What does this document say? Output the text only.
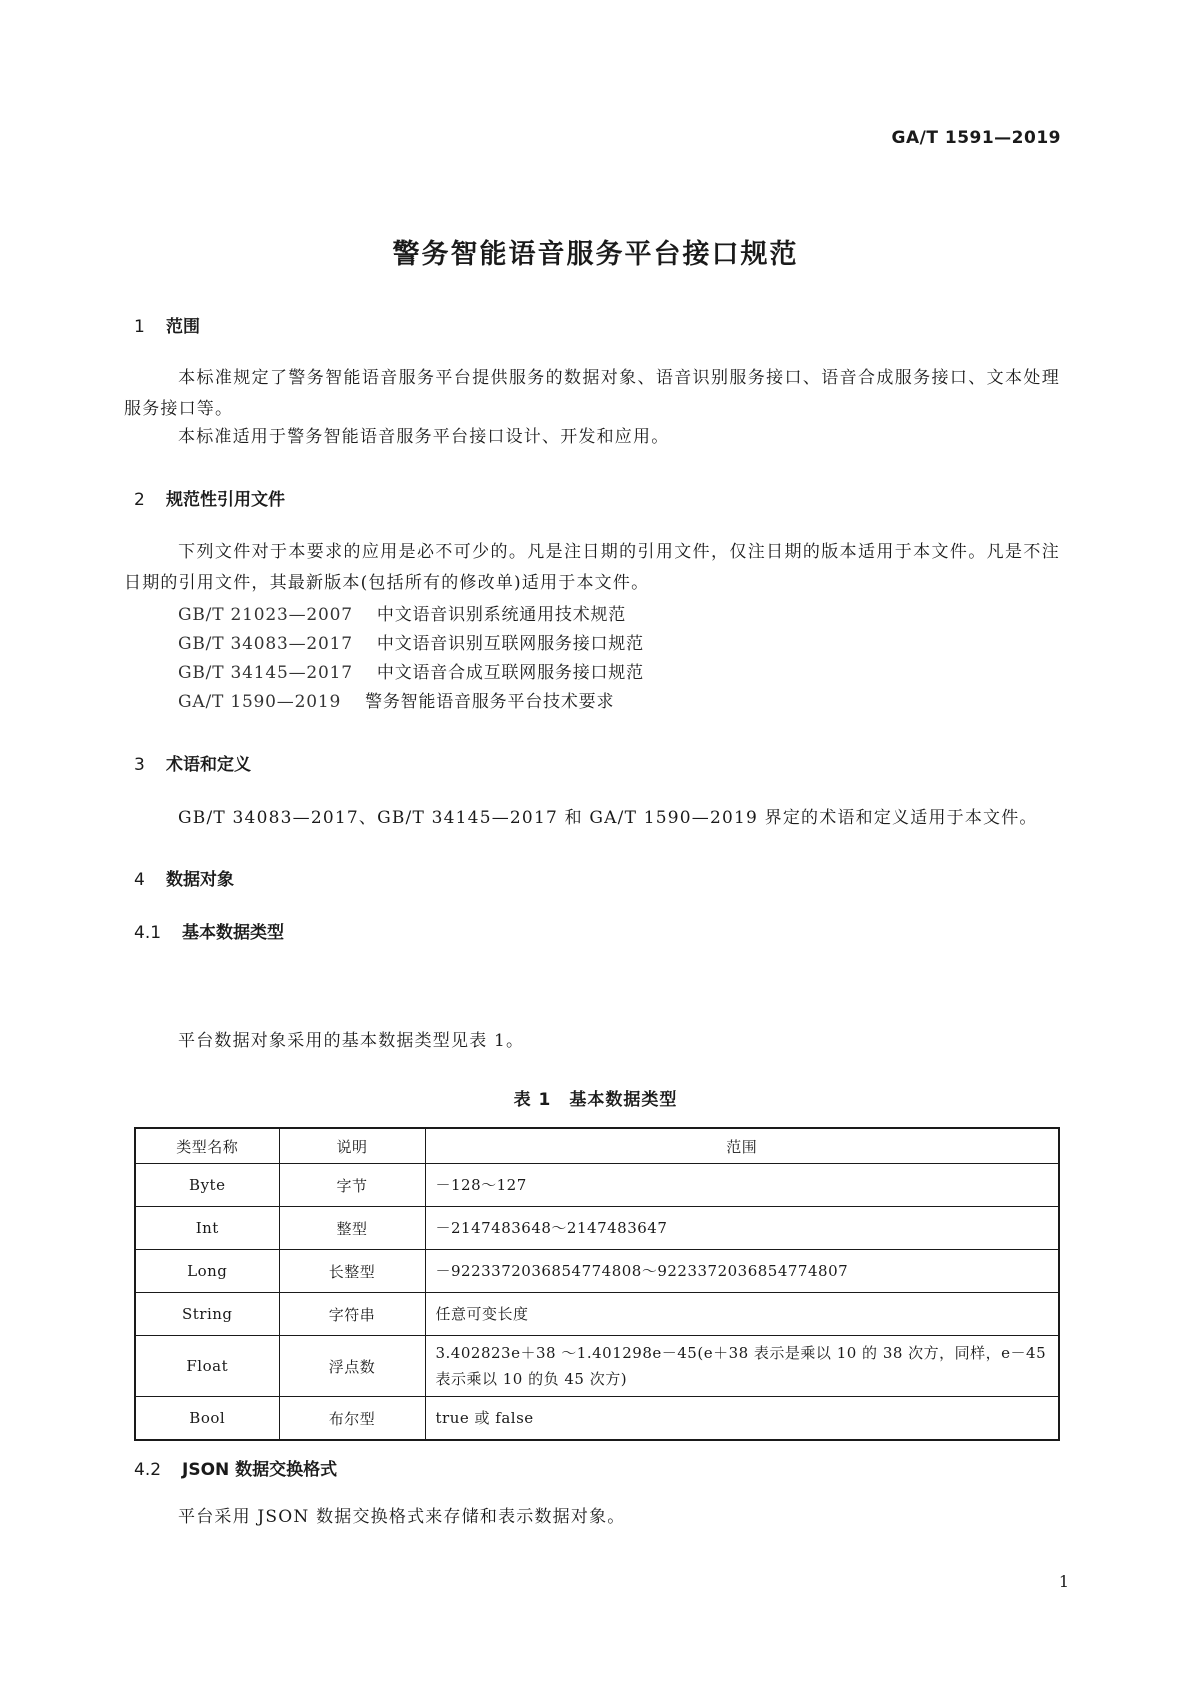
GA/T 1591—2019
警务智能语音服务平台接口规范
1 范围
本标准规定了警务智能语音服务平台提供服务的数据对象、语音识别服务接口、语音合成服务接口、文本处理服务接口等。
本标准适用于警务智能语音服务平台接口设计、开发和应用。
2 规范性引用文件
下列文件对于本要求的应用是必不可少的。凡是注日期的引用文件，仅注日期的版本适用于本文件。凡是不注日期的引用文件，其最新版本(包括所有的修改单)适用于本文件。
GB/T 21023—2007 中文语音识别系统通用技术规范
GB/T 34083—2017 中文语音识别互联网服务接口规范
GB/T 34145—2017 中文语音合成互联网服务接口规范
GA/T 1590—2019 警务智能语音服务平台技术要求
3 术语和定义
GB/T 34083—2017、GB/T 34145—2017 和 GA/T 1590—2019 界定的术语和定义适用于本文件。
4 数据对象
4.1 基本数据类型
平台数据对象采用的基本数据类型见表 1。
表 1　基本数据类型
类型名称	说明	范围
Byte	字节	－128～127
Int	整型	－2147483648～2147483647
Long	长整型	－9223372036854774808～9223372036854774807
String	字符串	任意可变长度
Float	浮点数	3.402823e＋38 ～1.401298e－45(e＋38 表示是乘以 10 的 38 次方，同样，e－45 表示乘以 10 的负 45 次方)
Bool	布尔型	true 或 false
4.2 JSON 数据交换格式
平台采用 JSON 数据交换格式来存储和表示数据对象。
1
